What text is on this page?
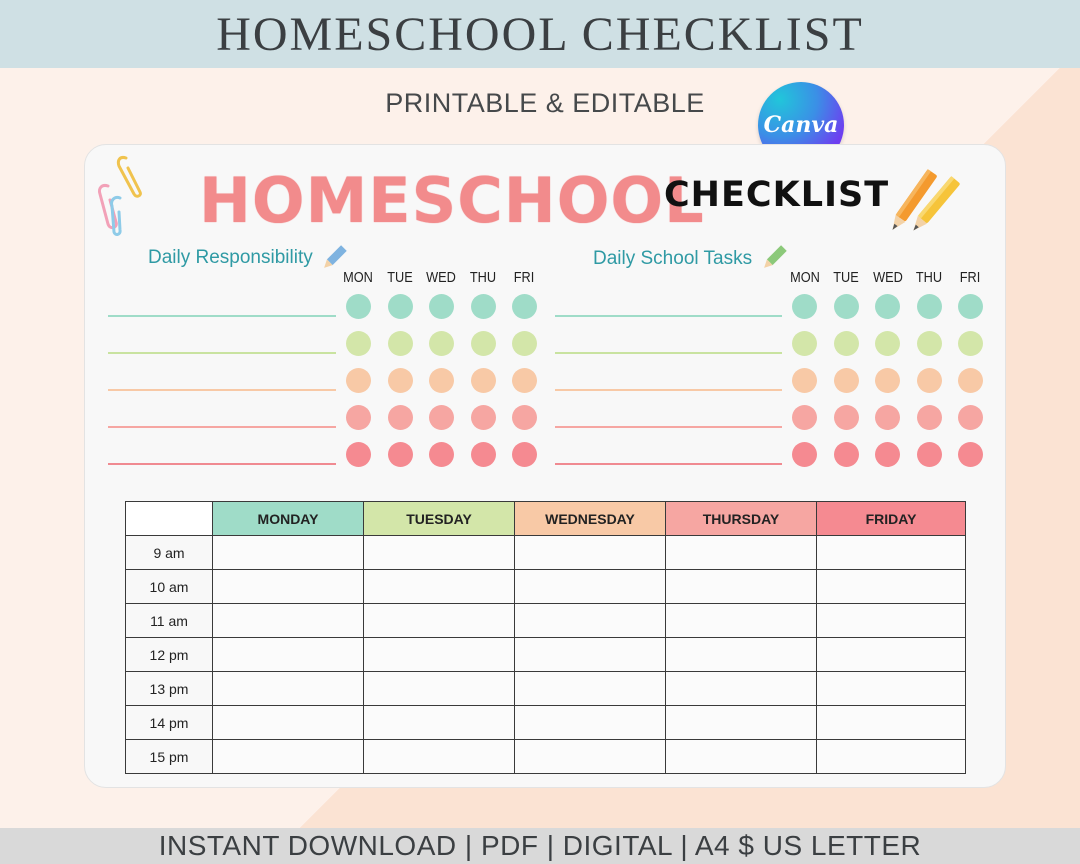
HOMESCHOOL CHECKLIST
PRINTABLE & EDITABLE
Canva
HOMESCHOOL
CHECKLIST
Daily Responsibility	Daily School Tasks
MON TUE WED THU	FRI	MON TUE WED THU	FRI
	MONDAY	TUESDAY	WEDNESDAY	THURSDAY	FRIDAY
9 am					
10 am					
11 am					
12 pm					
13 pm					
14 pm					
15 pm					
INSTANT DOWNLOAD | PDF | DIGITAL | A4 $ US LETTER
